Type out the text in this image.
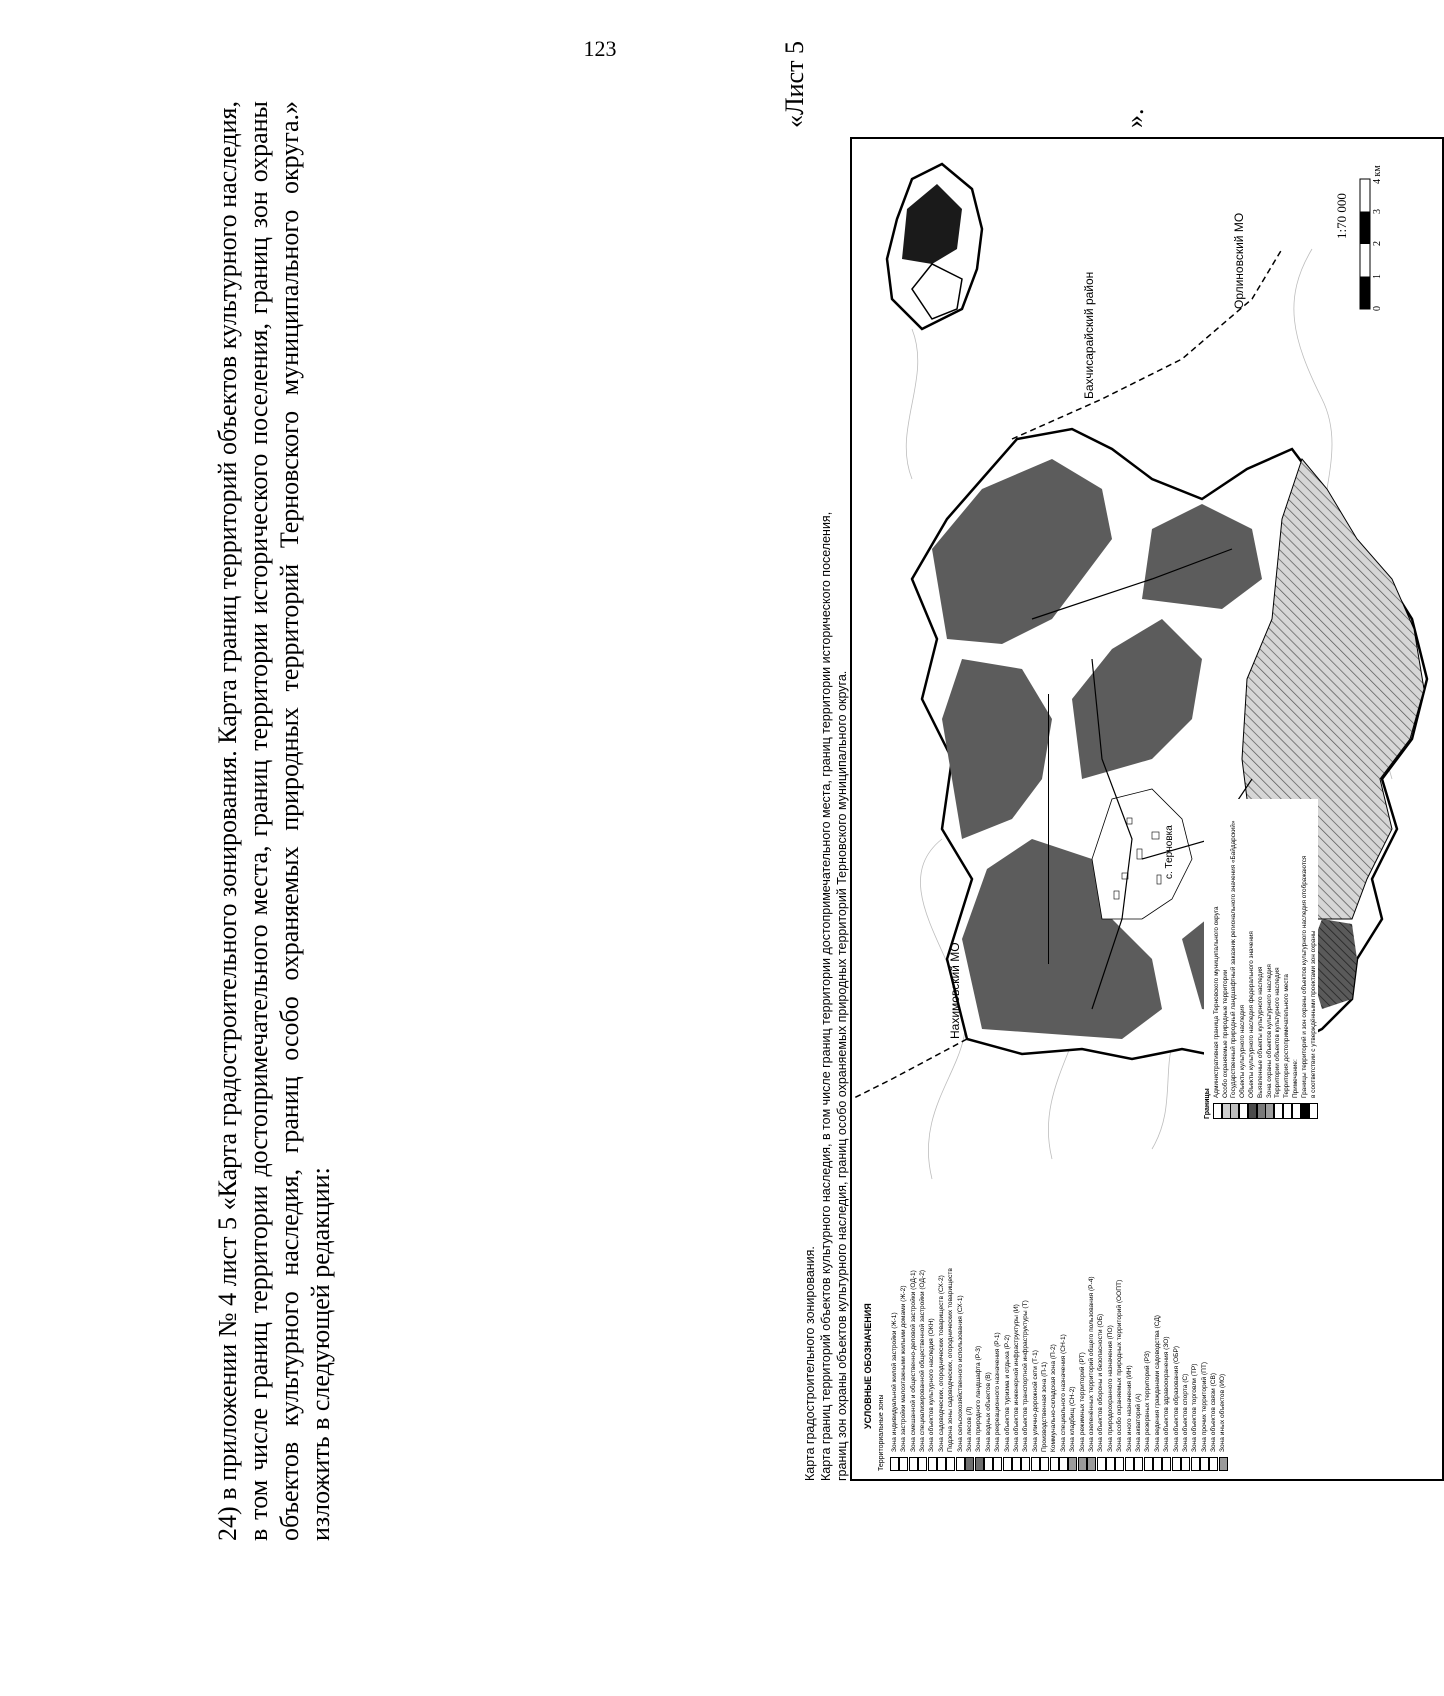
123
24) в приложении № 4 лист 5 «Карта градостроительного зонирования. Карта границ территорий объектов культурного наследия, в том числе границ территории достопримечательного места, границ территории исторического поселения, границ зон охраны объектов культурного наследия, границ особо охраняемых природных территорий Терновского муниципального округа.» изложить в следующей редакции:
«Лист 5	».
Карта градостроительного зонирования. Карта границ территорий объектов культурного наследия, в том числе границ территории достопримечательного места, границ территории исторического поселения, границ зон охраны объектов культурного наследия, границ особо охраняемых природных территорий Терновского муниципального округа. УСЛОВНЫЕ ОБОЗНАЧЕНИЯ
Территориальные зоны Зона индивидуальной жилой застройки (Ж-1) Зона застройки малоэтажными жилыми домами (Ж-2) Зона смешанной и общественно-деловой застройки (ОД-1) Зона специализированной общественной застройки (ОД-2) Зона объектов культурного наследия (ОКН) Зона садоводческих, огороднических товариществ (СХ-2) Подзона зоны садоводческих, огороднических товариществ Зона сельскохозяйственного использования (СХ-1) Зона лесов (Л) Зона природного ландшафта (Р-3) Зона водных объектов (В) Зона рекреационного назначения (Р-1) Зона объектов туризма и отдыха (Р-2) Зона объектов инженерной инфраструктуры (И) Зона объектов транспортной инфраструктуры (Т) Зона улично-дорожной сети (Т-1) Производственная зона (П-1) Коммунально-складская зона (П-2) Зона специального назначения (СН-1) Зона кладбищ (СН-2) Зона режимных территорий (РТ) Зона озеленённых территорий общего пользования (Р-4) Зона объектов обороны и безопасности (ОБ) Зона природоохранного назначения (ПО) Зона особо охраняемых природных территорий (ООПТ) Зона иного назначения (ИН) Зона акваторий (А) Зона резервных территорий (РЗ) Зона ведения гражданами садоводства (СД) Зона объектов здравоохранения (ЗО) Зона объектов образования (ОБР) Зона объектов спорта (С) Зона объектов торговли (ТР) Зона прочих территорий (ПТ) Зона объектов связи (СВ) Зона иных объектов (ИО)
Границы
Административная граница Терновского муниципального округа Особо охраняемые природные территории Государственный природный ландшафтный заказник регионального значения «Байдарский» Объекты культурного наследия Объекты культурного наследия федерального значения Выявленные объекты культурного наследия Зона охраны объектов культурного наследия Территории объектов культурного наследия Территория достопримечательного места Примечание: Границы территорий и зон охраны объектов культурного наследия отображаются в соответствии с утверждёнными проектами зон охраны
Нахимовский МО
Бахчисарайский район
Орлиновский МО
с. Терновка
1:70 000
0
1
2
3
4 км
